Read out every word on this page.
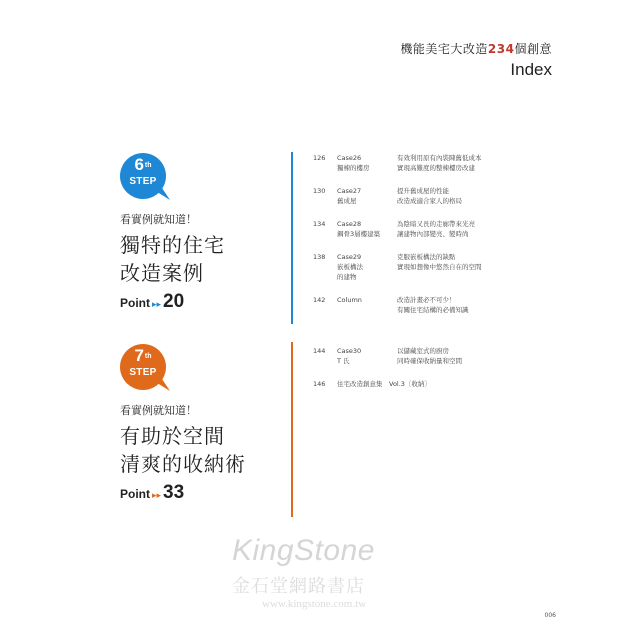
機能美宅大改造234個創意
Index
6th
STEP
看實例就知道！
獨特的住宅
改造案例
Point ▸▸ 20
126	Case26
獨棟的樓房
有效利用原有內裝陳舊低成本
實現高難度的整棟樓房改建
130	Case27
舊成屋
提升舊成屋的性能
改造成適合家人的格局
134	Case28
鋼骨3層樓建築
為陰暗又長的走廊帶來光亮
讓建物內部變亮、變時尚
138	Case29
嵌板構法
的建物
克服嵌板構法的缺點
實現如想像中悠然自在的空間
142	Column	改造計畫必不可少！
有關住宅結構的必備知識
7th
STEP
看實例就知道！
有助於空間
清爽的收納術
Point ▸▸ 33
144	Case30
T 氏
以儲藏室式的廚房
同時確保收納量和空間
146	住宅改造創意集　Vol.3〔收納〕
KingStone
金石堂網路書店
www.kingstone.com.tw
006
